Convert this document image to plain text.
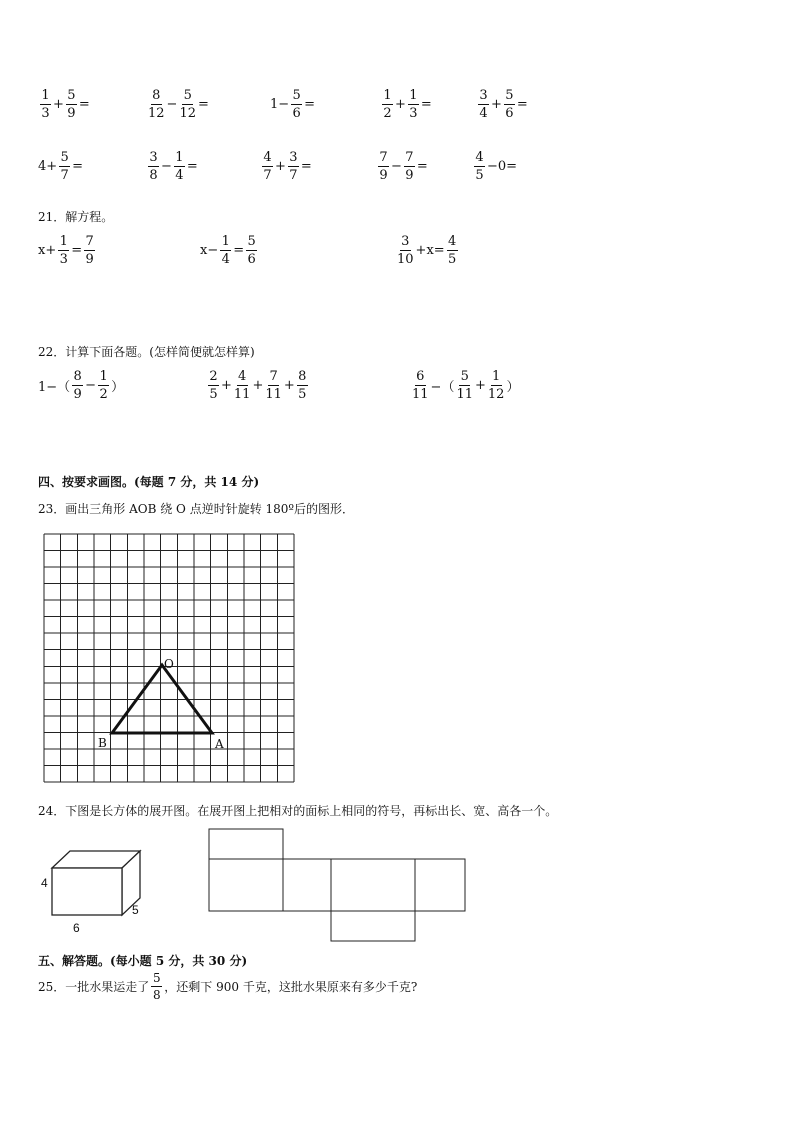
$\frac{1}{3} + \frac{5}{9}$ =	$\frac{8}{12} - \frac{5}{12}$ =	$1- \frac{5}{6}$ =	$\frac{1}{2} + \frac{1}{3}$ =	$\frac{3}{4} + \frac{5}{6}$ =
$4+ \frac{5}{7}$ =	$\frac{3}{8} - \frac{1}{4}$ =	$\frac{4}{7} + \frac{3}{7}$ =	$\frac{7}{9} - \frac{7}{9}$ =	$\frac{4}{5} -0=$
21．解方程。
$x+ \frac{1}{3} = \frac{7}{9}$	$x- \frac{1}{4} = \frac{5}{6}$	$\frac{3}{10} +x= \frac{4}{5}$
22．计算下面各题。(怎样简便就怎样算)
$1-( \frac{8}{9} - \frac{1}{2}$ ）	$\frac{2}{5} + \frac{4}{11} + \frac{7}{11} + \frac{8}{5}$	$\frac{6}{11}$ −（ $\frac{5}{11} + \frac{1}{12}$ ）
四、按要求画图。(每题 7 分，共 14 分)
23．画出三角形 AOB 绕 O 点逆时针旋转 180º后的图形．
O
B	A
24．下图是长方体的展开图。在展开图上把相对的面标上相同的符号，再标出长、宽、高各一个。
4
6
5
五、解答题。(每小题 5 分，共 30 分)
25．一批水果运走了 $\frac{5}{8}$ ，还剩下 900 千克，这批水果原来有多少千克?
